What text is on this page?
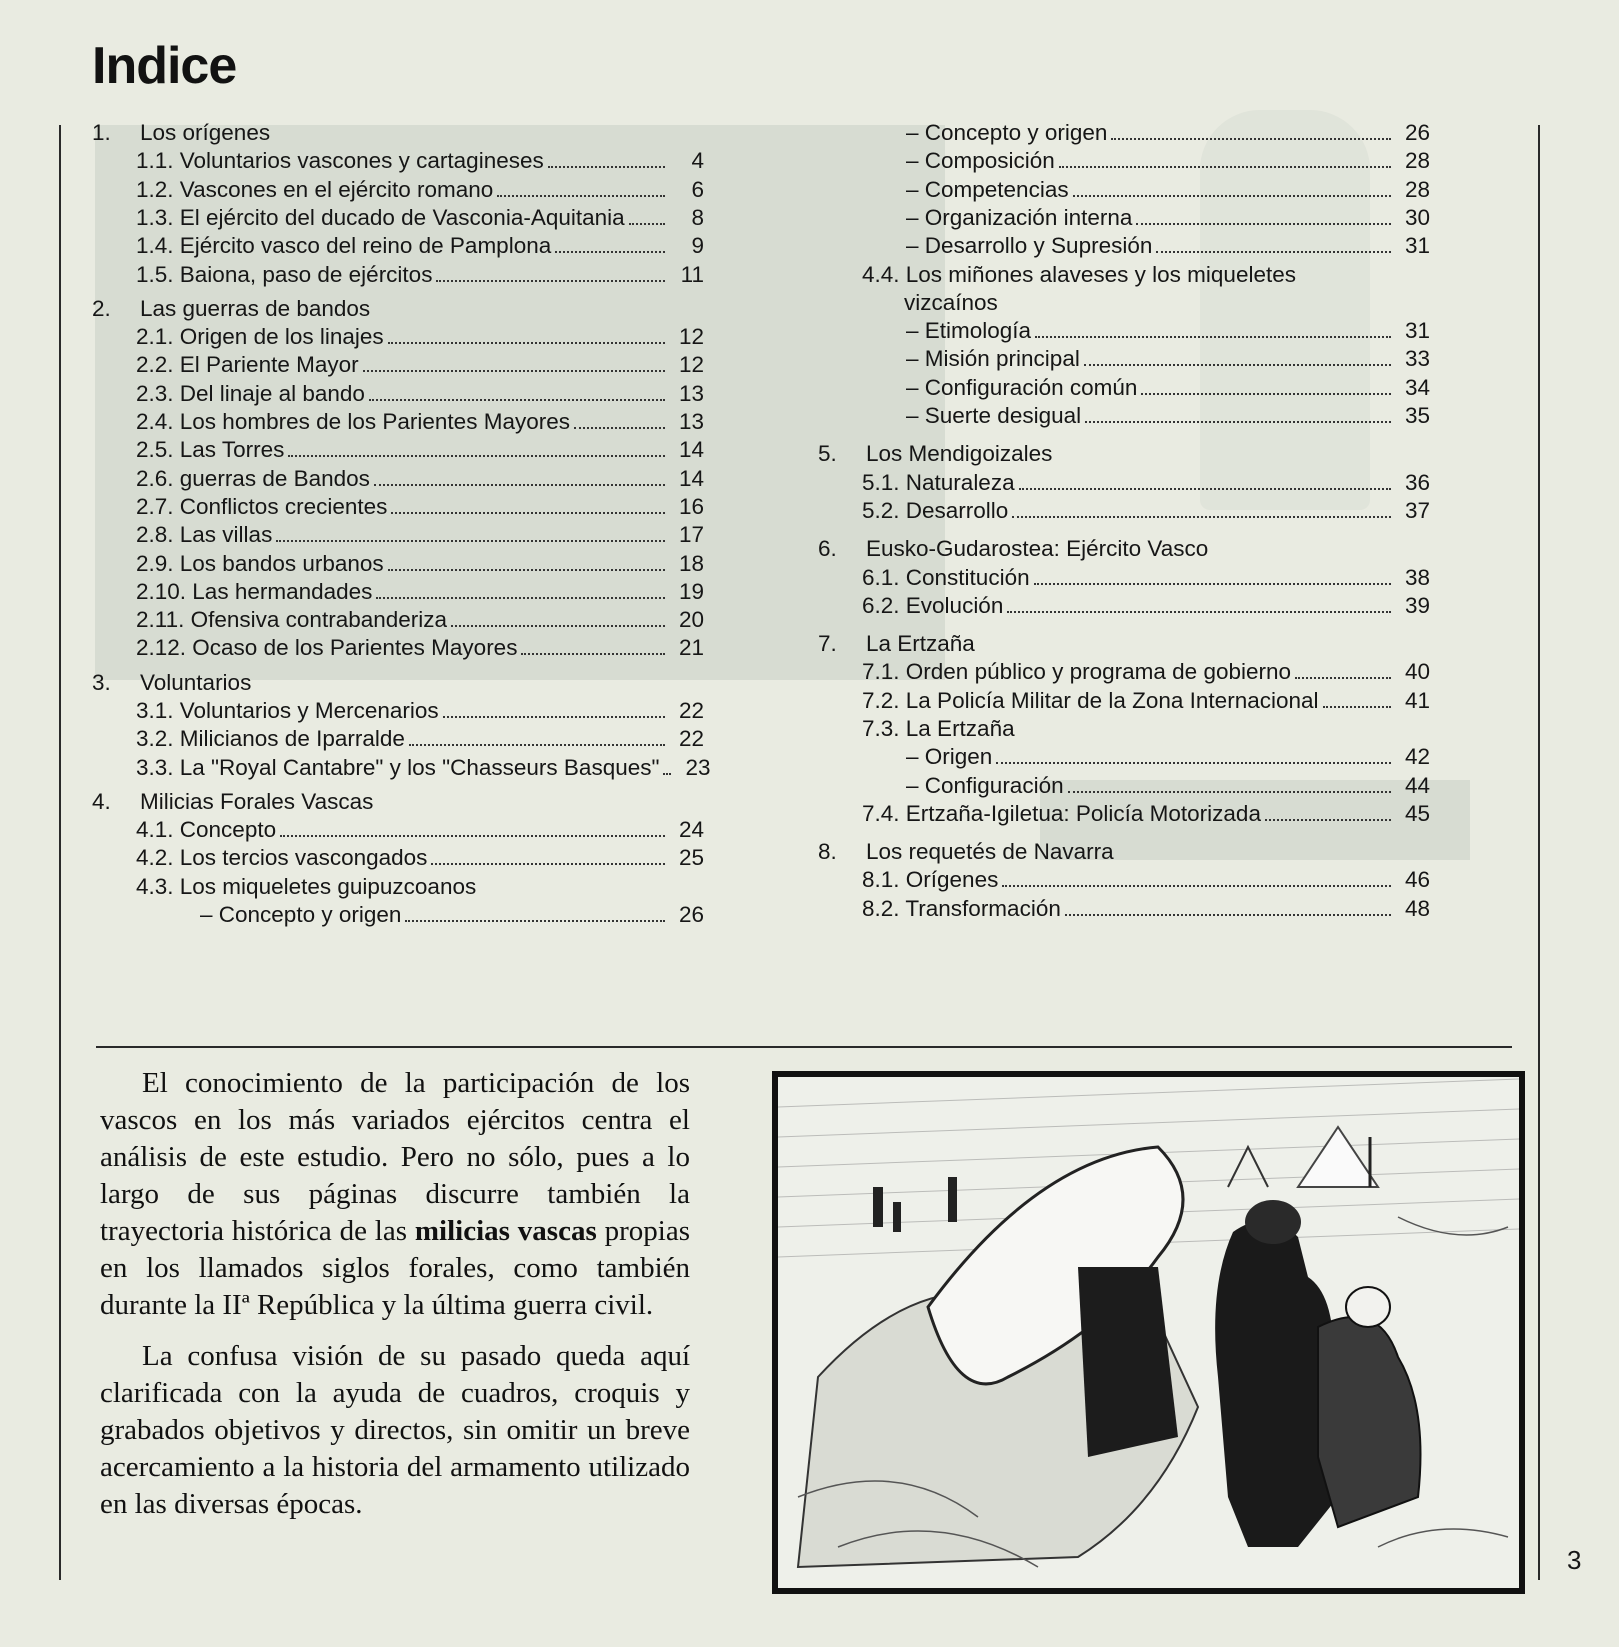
Indice
1.	Los orígenes
1.1. Voluntarios vascones y cartagineses	4
1.2. Vascones en el ejército romano	6
1.3. El ejército del ducado de Vasconia-Aquitania	8
1.4. Ejército vasco del reino de Pamplona	9
1.5. Baiona, paso de ejércitos	11
2.	Las guerras de bandos
2.1. Origen de los linajes	12
2.2. El Pariente Mayor	12
2.3. Del linaje al bando	13
2.4. Los hombres de los Parientes Mayores	13
2.5. Las Torres	14
2.6. guerras de Bandos	14
2.7. Conflictos crecientes	16
2.8. Las villas	17
2.9. Los bandos urbanos	18
2.10. Las hermandades	19
2.11. Ofensiva contrabanderiza	20
2.12. Ocaso de los Parientes Mayores	21
3.	Voluntarios
3.1. Voluntarios y Mercenarios	22
3.2. Milicianos de Iparralde	22
3.3. La "Royal Cantabre" y los "Chasseurs Basques"	23
4.	Milicias Forales Vascas
4.1. Concepto	24
4.2. Los tercios vascongados	25
4.3. Los miqueletes guipuzcoanos
– Concepto y origen	26
– Concepto y origen	26
– Composición	28
– Competencias	28
– Organización interna	30
– Desarrollo y Supresión	31
4.4. Los miñones alaveses y los miqueletes
vizcaínos
– Etimología	31
– Misión principal	33
– Configuración común	34
– Suerte desigual	35
5.	Los Mendigoizales
5.1. Naturaleza	36
5.2. Desarrollo	37
6.	Eusko-Gudarostea: Ejército Vasco
6.1. Constitución	38
6.2. Evolución	39
7.	La Ertzaña
7.1. Orden público y programa de gobierno	40
7.2. La Policía Militar de la Zona Internacional	41
7.3. La Ertzaña
– Origen	42
– Configuración	44
7.4. Ertzaña-Igiletua: Policía Motorizada	45
8.	Los requetés de Navarra
8.1. Orígenes	46
8.2. Transformación	48

El conocimiento de la participación de los vascos en los más variados ejércitos centra el análisis de este estudio. Pero no sólo, pues a lo largo de sus páginas discurre también la trayectoria histórica de las milicias vascas propias en los llamados siglos forales, como también durante la IIª República y la última guerra civil.

La confusa visión de su pasado queda aquí clarificada con la ayuda de cuadros, croquis y grabados objetivos y directos, sin omitir un breve acercamiento a la historia del armamento utilizado en las diversas épocas.

3
